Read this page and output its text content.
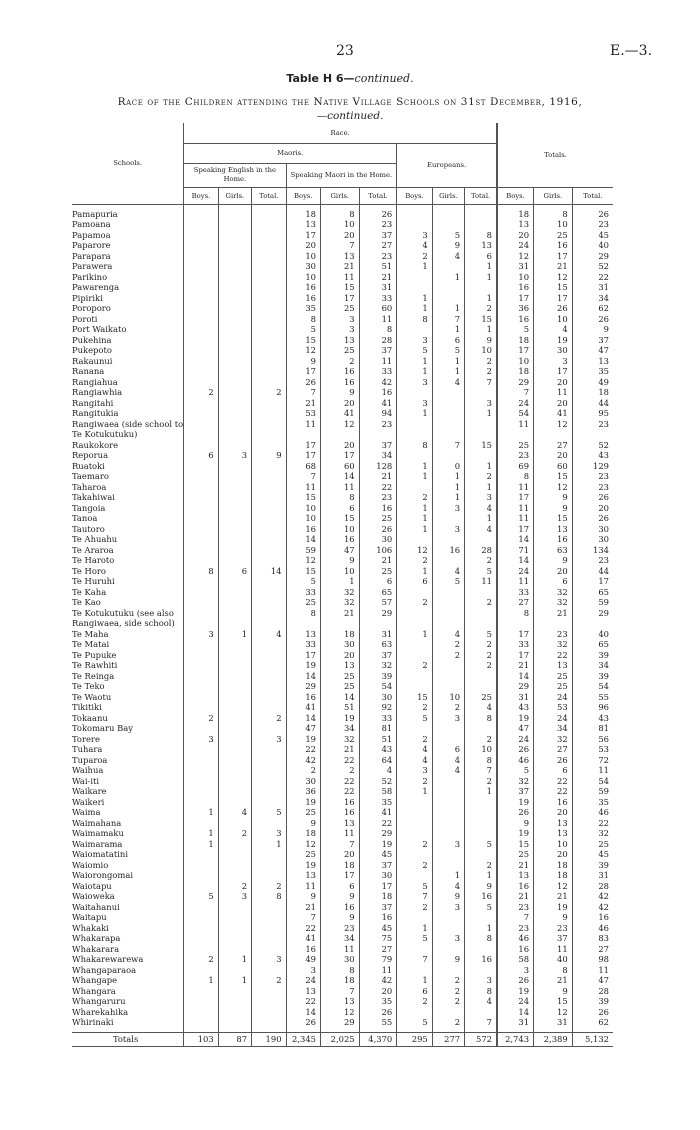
23	E.—3.
Table H 6—continued.
Race of the Children attending the Native Village Schools on 31st December, 1916,
—continued.
Schools.	Race.									Totals.		
	Maoris.						Europeans.					
	Speaking English in the Home.			Speaking Maori in the Home.								
	Boys.	Girls.	Total.	Boys.	Girls.	Total.	Boys.	Girls.	Total.	Boys.	Girls.	Total.

Pamapuria				18	8	26				18	8	26
Pamoana				13	10	23				13	10	23
Papamoa				17	20	37	3	5	8	20	25	45
Paparore				20	7	27	4	9	13	24	16	40
Parapara				10	13	23	2	4	6	12	17	29
Parawera				30	21	51	1		1	31	21	52
Parikino				10	11	21		1	1	10	12	22
Pawarenga				16	15	31				16	15	31
Pipiriki				16	17	33	1		1	17	17	34
Poroporo				35	25	60	1	1	2	36	26	62
Poroti				8	3	11	8	7	15	16	10	26
Port Waikato				5	3	8		1	1	5	4	9
Pukehina				15	13	28	3	6	9	18	19	37
Pukepoto				12	25	37	5	5	10	17	30	47
Rakaunui				9	2	11	1	1	2	10	3	13
Ranana				17	16	33	1	1	2	18	17	35
Rangiahua				26	16	42	3	4	7	29	20	49
Rangiawhia	2		2	7	9	16				7	11	18
Rangitahi				21	20	41	3		3	24	20	44
Rangitukia				53	41	94	1		1	54	41	95
Rangiwaea (side school to Te Kotukutuku)				11	12	23				11	12	23
Raukokore				17	20	37	8	7	15	25	27	52
Reporua	6	3	9	17	17	34				23	20	43
Ruatoki				68	60	128	1	0	1	69	60	129
Taemaro				7	14	21	1	1	2	8	15	23
Taharoa				11	11	22		1	1	11	12	23
Takahiwai				15	8	23	2	1	3	17	9	26
Tangoia				10	6	16	1	3	4	11	9	20
Tanoa				10	15	25	1		1	11	15	26
Tautoro				16	10	26	1	3	4	17	13	30
Te Ahuahu				14	16	30				14	16	30
Te Araroa				59	47	106	12	16	28	71	63	134
Te Haroto				12	9	21	2		2	14	9	23
Te Horo	8	6	14	15	10	25	1	4	5	24	20	44
Te Huruhi				5	1	6	6	5	11	11	6	17
Te Kaha				33	32	65				33	32	65
Te Kao				25	32	57	2		2	27	32	59
Te Kotukutuku (see also Rangiwaea, side school)				8	21	29				8	21	29
Te Maha	3	1	4	13	18	31	1	4	5	17	23	40
Te Matai				33	30	63		2	2	33	32	65
Te Pupuke				17	20	37		2	2	17	22	39
Te Rawhiti				19	13	32	2		2	21	13	34
Te Reinga				14	25	39				14	25	39
Te Teko				29	25	54				29	25	54
Te Waotu				16	14	30	15	10	25	31	24	55
Tikitiki				41	51	92	2	2	4	43	53	96
Tokaanu	2		2	14	19	33	5	3	8	19	24	43
Tokomaru Bay				47	34	81				47	34	81
Torere	3		3	19	32	51	2		2	24	32	56
Tuhara				22	21	43	4	6	10	26	27	53
Tuparoa				42	22	64	4	4	8	46	26	72
Waihua				2	2	4	3	4	7	5	6	11
Wai-iti				30	22	52	2		2	32	22	54
Waikare				36	22	58	1		1	37	22	59
Waikeri				19	16	35				19	16	35
Waima	1	4	5	25	16	41				26	20	46
Waimahana				9	13	22				9	13	22
Waimamaku	1	2	3	18	11	29				19	13	32
Waimarama	1		1	12	7	19	2	3	5	15	10	25
Waiomatatini				25	20	45				25	20	45
Waiomio				19	18	37	2		2	21	18	39
Waiorongomai				13	17	30		1	1	13	18	31
Waiotapu		2	2	11	6	17	5	4	9	16	12	28
Waioweka	5	3	8	9	9	18	7	9	16	21	21	42
Waitahanui				21	16	37	2	3	5	23	19	42
Waitapu				7	9	16				7	9	16
Whakaki				22	23	45	1		1	23	23	46
Whakarapa				41	34	75	5	3	8	46	37	83
Whakarara				16	11	27				16	11	27
Whakarewarewa	2	1	3	49	30	79	7	9	16	58	40	98
Whangaparaoa				3	8	11				3	8	11
Whangape	1	1	2	24	18	42	1	2	3	26	21	47
Whangara				13	7	20	6	2	8	19	9	28
Whangaruru				22	13	35	2	2	4	24	15	39
Wharekahika				14	12	26				14	12	26
Whirinaki				26	29	55	5	2	7	31	31	62

Totals	103	87	190	2,345	2,025	4,370	295	277	572	2,743	2,389	5,132
